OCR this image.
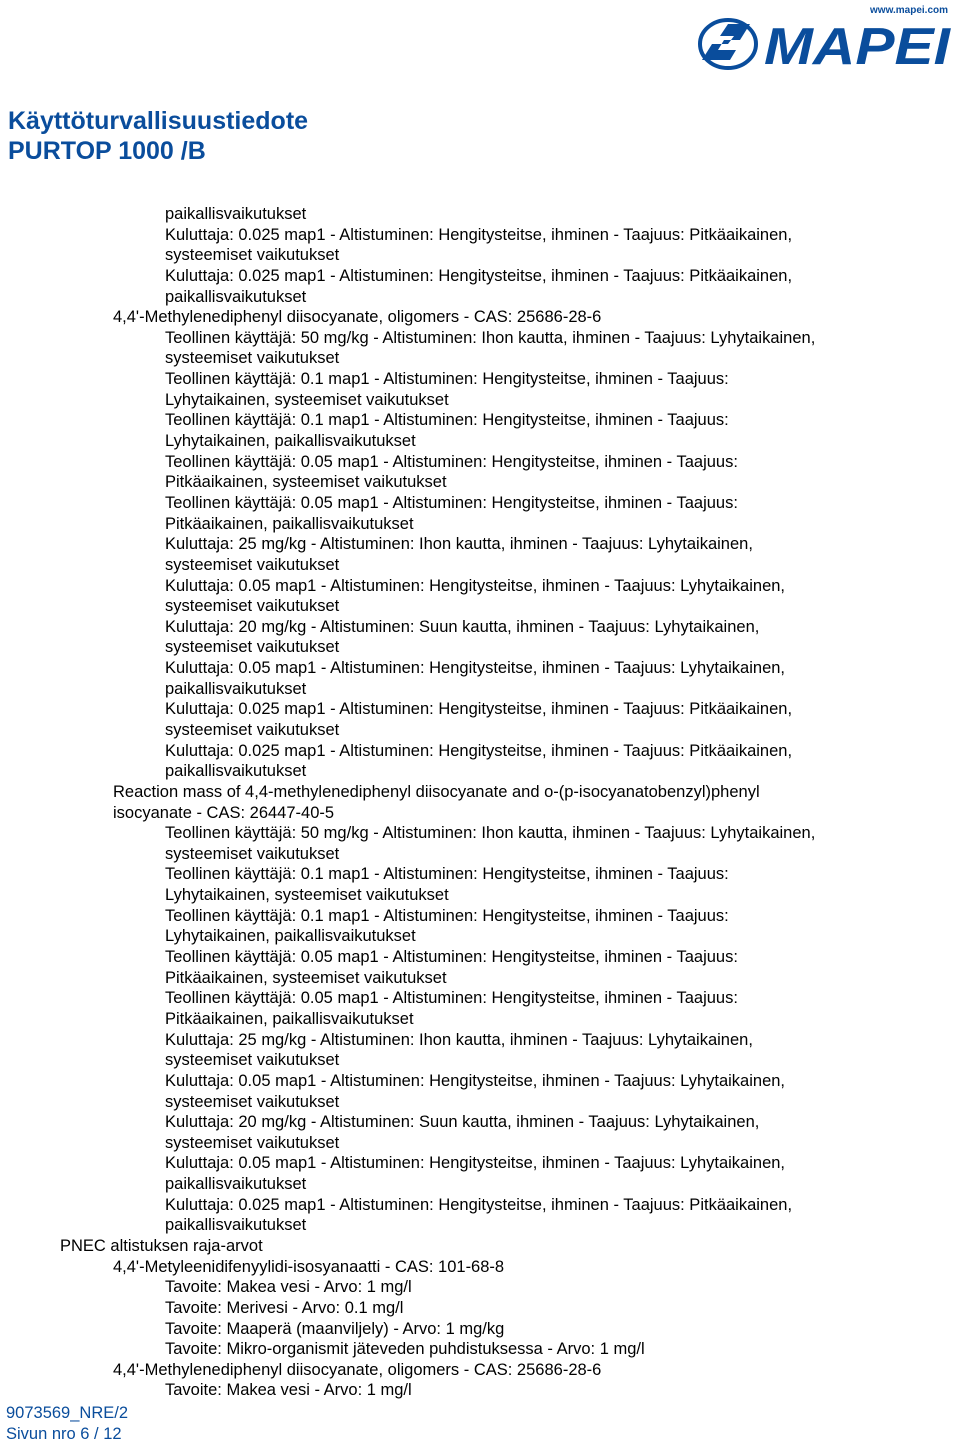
www.mapei.com
MAPEI
Käyttöturvallisuustiedote
PURTOP 1000 /B
paikallisvaikutukset
Kuluttaja: 0.025 map1 - Altistuminen: Hengitysteitse, ihminen - Taajuus: Pitkäaikainen,
systeemiset vaikutukset
Kuluttaja: 0.025 map1 - Altistuminen: Hengitysteitse, ihminen - Taajuus: Pitkäaikainen,
paikallisvaikutukset
4,4'-Methylenediphenyl diisocyanate, oligomers - CAS: 25686-28-6
Teollinen käyttäjä: 50 mg/kg - Altistuminen: Ihon kautta, ihminen - Taajuus: Lyhytaikainen,
systeemiset vaikutukset
Teollinen käyttäjä: 0.1 map1 - Altistuminen: Hengitysteitse, ihminen - Taajuus:
Lyhytaikainen, systeemiset vaikutukset
Teollinen käyttäjä: 0.1 map1 - Altistuminen: Hengitysteitse, ihminen - Taajuus:
Lyhytaikainen, paikallisvaikutukset
Teollinen käyttäjä: 0.05 map1 - Altistuminen: Hengitysteitse, ihminen - Taajuus:
Pitkäaikainen, systeemiset vaikutukset
Teollinen käyttäjä: 0.05 map1 - Altistuminen: Hengitysteitse, ihminen - Taajuus:
Pitkäaikainen, paikallisvaikutukset
Kuluttaja: 25 mg/kg - Altistuminen: Ihon kautta, ihminen - Taajuus: Lyhytaikainen,
systeemiset vaikutukset
Kuluttaja: 0.05 map1 - Altistuminen: Hengitysteitse, ihminen - Taajuus: Lyhytaikainen,
systeemiset vaikutukset
Kuluttaja: 20 mg/kg - Altistuminen: Suun kautta, ihminen - Taajuus: Lyhytaikainen,
systeemiset vaikutukset
Kuluttaja: 0.05 map1 - Altistuminen: Hengitysteitse, ihminen - Taajuus: Lyhytaikainen,
paikallisvaikutukset
Kuluttaja: 0.025 map1 - Altistuminen: Hengitysteitse, ihminen - Taajuus: Pitkäaikainen,
systeemiset vaikutukset
Kuluttaja: 0.025 map1 - Altistuminen: Hengitysteitse, ihminen - Taajuus: Pitkäaikainen,
paikallisvaikutukset
Reaction mass of 4,4-methylenediphenyl diisocyanate and o-(p-isocyanatobenzyl)phenyl
isocyanate - CAS: 26447-40-5
Teollinen käyttäjä: 50 mg/kg - Altistuminen: Ihon kautta, ihminen - Taajuus: Lyhytaikainen,
systeemiset vaikutukset
Teollinen käyttäjä: 0.1 map1 - Altistuminen: Hengitysteitse, ihminen - Taajuus:
Lyhytaikainen, systeemiset vaikutukset
Teollinen käyttäjä: 0.1 map1 - Altistuminen: Hengitysteitse, ihminen - Taajuus:
Lyhytaikainen, paikallisvaikutukset
Teollinen käyttäjä: 0.05 map1 - Altistuminen: Hengitysteitse, ihminen - Taajuus:
Pitkäaikainen, systeemiset vaikutukset
Teollinen käyttäjä: 0.05 map1 - Altistuminen: Hengitysteitse, ihminen - Taajuus:
Pitkäaikainen, paikallisvaikutukset
Kuluttaja: 25 mg/kg - Altistuminen: Ihon kautta, ihminen - Taajuus: Lyhytaikainen,
systeemiset vaikutukset
Kuluttaja: 0.05 map1 - Altistuminen: Hengitysteitse, ihminen - Taajuus: Lyhytaikainen,
systeemiset vaikutukset
Kuluttaja: 20 mg/kg - Altistuminen: Suun kautta, ihminen - Taajuus: Lyhytaikainen,
systeemiset vaikutukset
Kuluttaja: 0.05 map1 - Altistuminen: Hengitysteitse, ihminen - Taajuus: Lyhytaikainen,
paikallisvaikutukset
Kuluttaja: 0.025 map1 - Altistuminen: Hengitysteitse, ihminen - Taajuus: Pitkäaikainen,
paikallisvaikutukset
PNEC altistuksen raja-arvot
4,4'-Metyleenidifenyylidi-isosyanaatti - CAS: 101-68-8
Tavoite: Makea vesi - Arvo: 1 mg/l
Tavoite: Merivesi - Arvo: 0.1 mg/l
Tavoite: Maaperä (maanviljely) - Arvo: 1 mg/kg
Tavoite: Mikro-organismit jäteveden puhdistuksessa - Arvo: 1 mg/l
4,4'-Methylenediphenyl diisocyanate, oligomers - CAS: 25686-28-6
Tavoite: Makea vesi - Arvo: 1 mg/l
9073569_NRE/2
Sivun nro 6 / 12
